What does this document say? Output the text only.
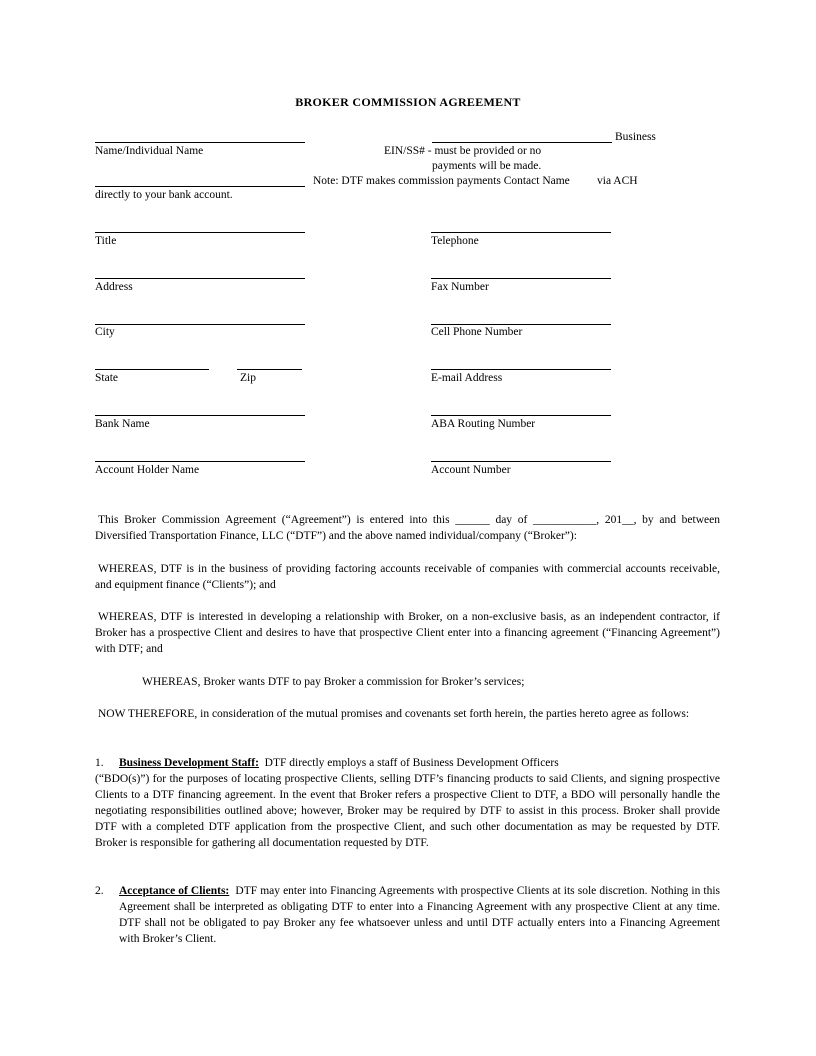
BROKER COMMISSION AGREEMENT
Business
Name/Individual Name	EIN/SS# - must be provided or no
payments will be made.
Note: DTF makes commission payments Contact Name via ACH
directly to your bank account.
Title
Address
City
State	Zip
Bank Name
Account Holder Name
Telephone
Fax Number
Cell Phone Number
E-mail Address
ABA Routing Number
Account Number

This Broker Commission Agreement (“Agreement”) is entered into this ______ day of ___________, 201__, by and between Diversified Transportation Finance, LLC (“DTF”) and the above named individual/company (“Broker”):

WHEREAS, DTF is in the business of providing factoring accounts receivable of companies with commercial accounts receivable, and equipment finance (“Clients”); and

WHEREAS, DTF is interested in developing a relationship with Broker, on a non-exclusive basis, as an independent contractor, if Broker has a prospective Client and desires to have that prospective Client enter into a financing agreement (“Financing Agreement”) with DTF; and

WHEREAS, Broker wants DTF to pay Broker a commission for Broker’s services;

NOW THEREFORE, in consideration of the mutual promises and covenants set forth herein, the parties hereto agree as follows:

1. Business Development Staff: DTF directly employs a staff of Business Development Officers

(“BDO(s)”) for the purposes of locating prospective Clients, selling DTF’s financing products to said Clients, and signing prospective Clients to a DTF financing agreement. In the event that Broker refers a prospective Client to DTF, a BDO will personally handle the negotiating responsibilities outlined above; however, Broker may be required by DTF to assist in this process. Broker shall provide DTF with a completed DTF application from the prospective Client, and such other documentation as may be requested by DTF. Broker is responsible for gathering all documentation requested by DTF.

2. Acceptance of Clients: DTF may enter into Financing Agreements with prospective Clients at its sole discretion. Nothing in this Agreement shall be interpreted as obligating DTF to enter into a Financing Agreement with any prospective Client at any time. DTF shall not be obligated to pay Broker any fee whatsoever unless and until DTF actually enters into a Financing Agreement with Broker’s Client.
